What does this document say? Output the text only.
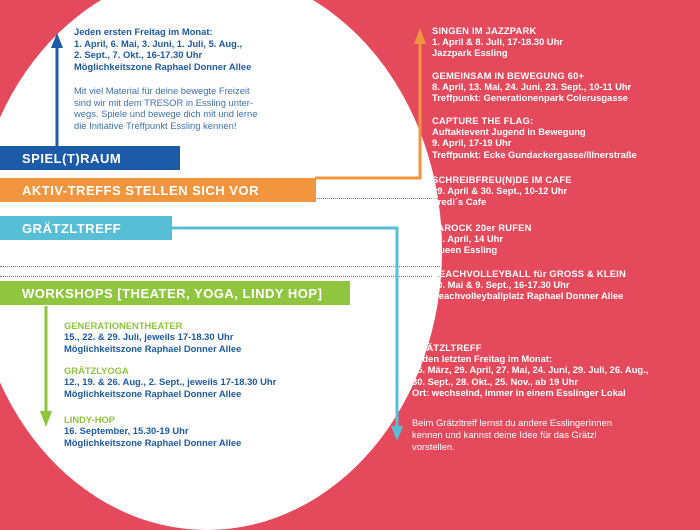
SPIEL(T)RAUM
AKTIV-TREFFS STELLEN SICH VOR
GRÄTZLTREFF
WORKSHOPS [THEATER, YOGA, LINDY HOP]
Jeden ersten Freitag im Monat:
1. April, 6. Mai, 3. Juni, 1. Juli, 5. Aug.,
2. Sept., 7. Okt., 16-17.30 Uhr
Möglichkeitszone Raphael Donner Allee
Mit viel Material für deine bewegte Freizeit
sind wir mit dem TRESOR in Essling unter-
wegs. Spiele und bewege dich mit und lerne
die Initiative Treffpunkt Essling kennen!
GENERATIONENTHEATER
15., 22. & 29. Juli, jeweils 17-18.30 Uhr
Möglichkeitszone Raphael Donner Allee
GRÄTZLYOGA
12., 19. & 26. Aug., 2. Sept., jeweils 17-18.30 Uhr
Möglichkeitszone Raphael Donner Allee
LINDY-HOP
16. September, 15.30-19 Uhr
Möglichkeitszone Raphael Donner Allee
SINGEN IM JAZZPARK
1. April & 8. Juli, 17-18.30 Uhr
Jazzpark Essling
GEMEINSAM IN BEWEGUNG 60+
8. April, 13. Mai, 24. Juni, 23. Sept., 10-11 Uhr
Treffpunkt: Generationenpark Colerusgasse
CAPTURE THE FLAG:
Auftaktevent Jugend in Bewegung
9. April, 17-19 Uhr
Treffpunkt: Ecke Gundackergasse/Illnerstraße
SCHREIBFREU(N)DE IM CAFE
29. April & 30. Sept., 10-12 Uhr
Fredi´s Cafe
TAROCK 20er RUFEN
22. April, 14 Uhr
Queen Essling
BEACHVOLLEYBALL für GROSS & KLEIN
20. Mai & 9. Sept., 16-17.30 Uhr
Beachvolleyballplatz Raphael Donner Allee
GRÄTZLTREFF
Jeden letzten Freitag im Monat:
25. März, 29. April, 27. Mai, 24. Juni, 29. Juli, 26. Aug.,
30. Sept., 28. Okt., 25. Nov., ab 19 Uhr
Ort: wechselnd, immer in einem Esslinger Lokal
Beim Grätzltreff lernst du andere EsslingerInnen
kennen und kannst deine Idee für das Grätzl
vorstellen.
